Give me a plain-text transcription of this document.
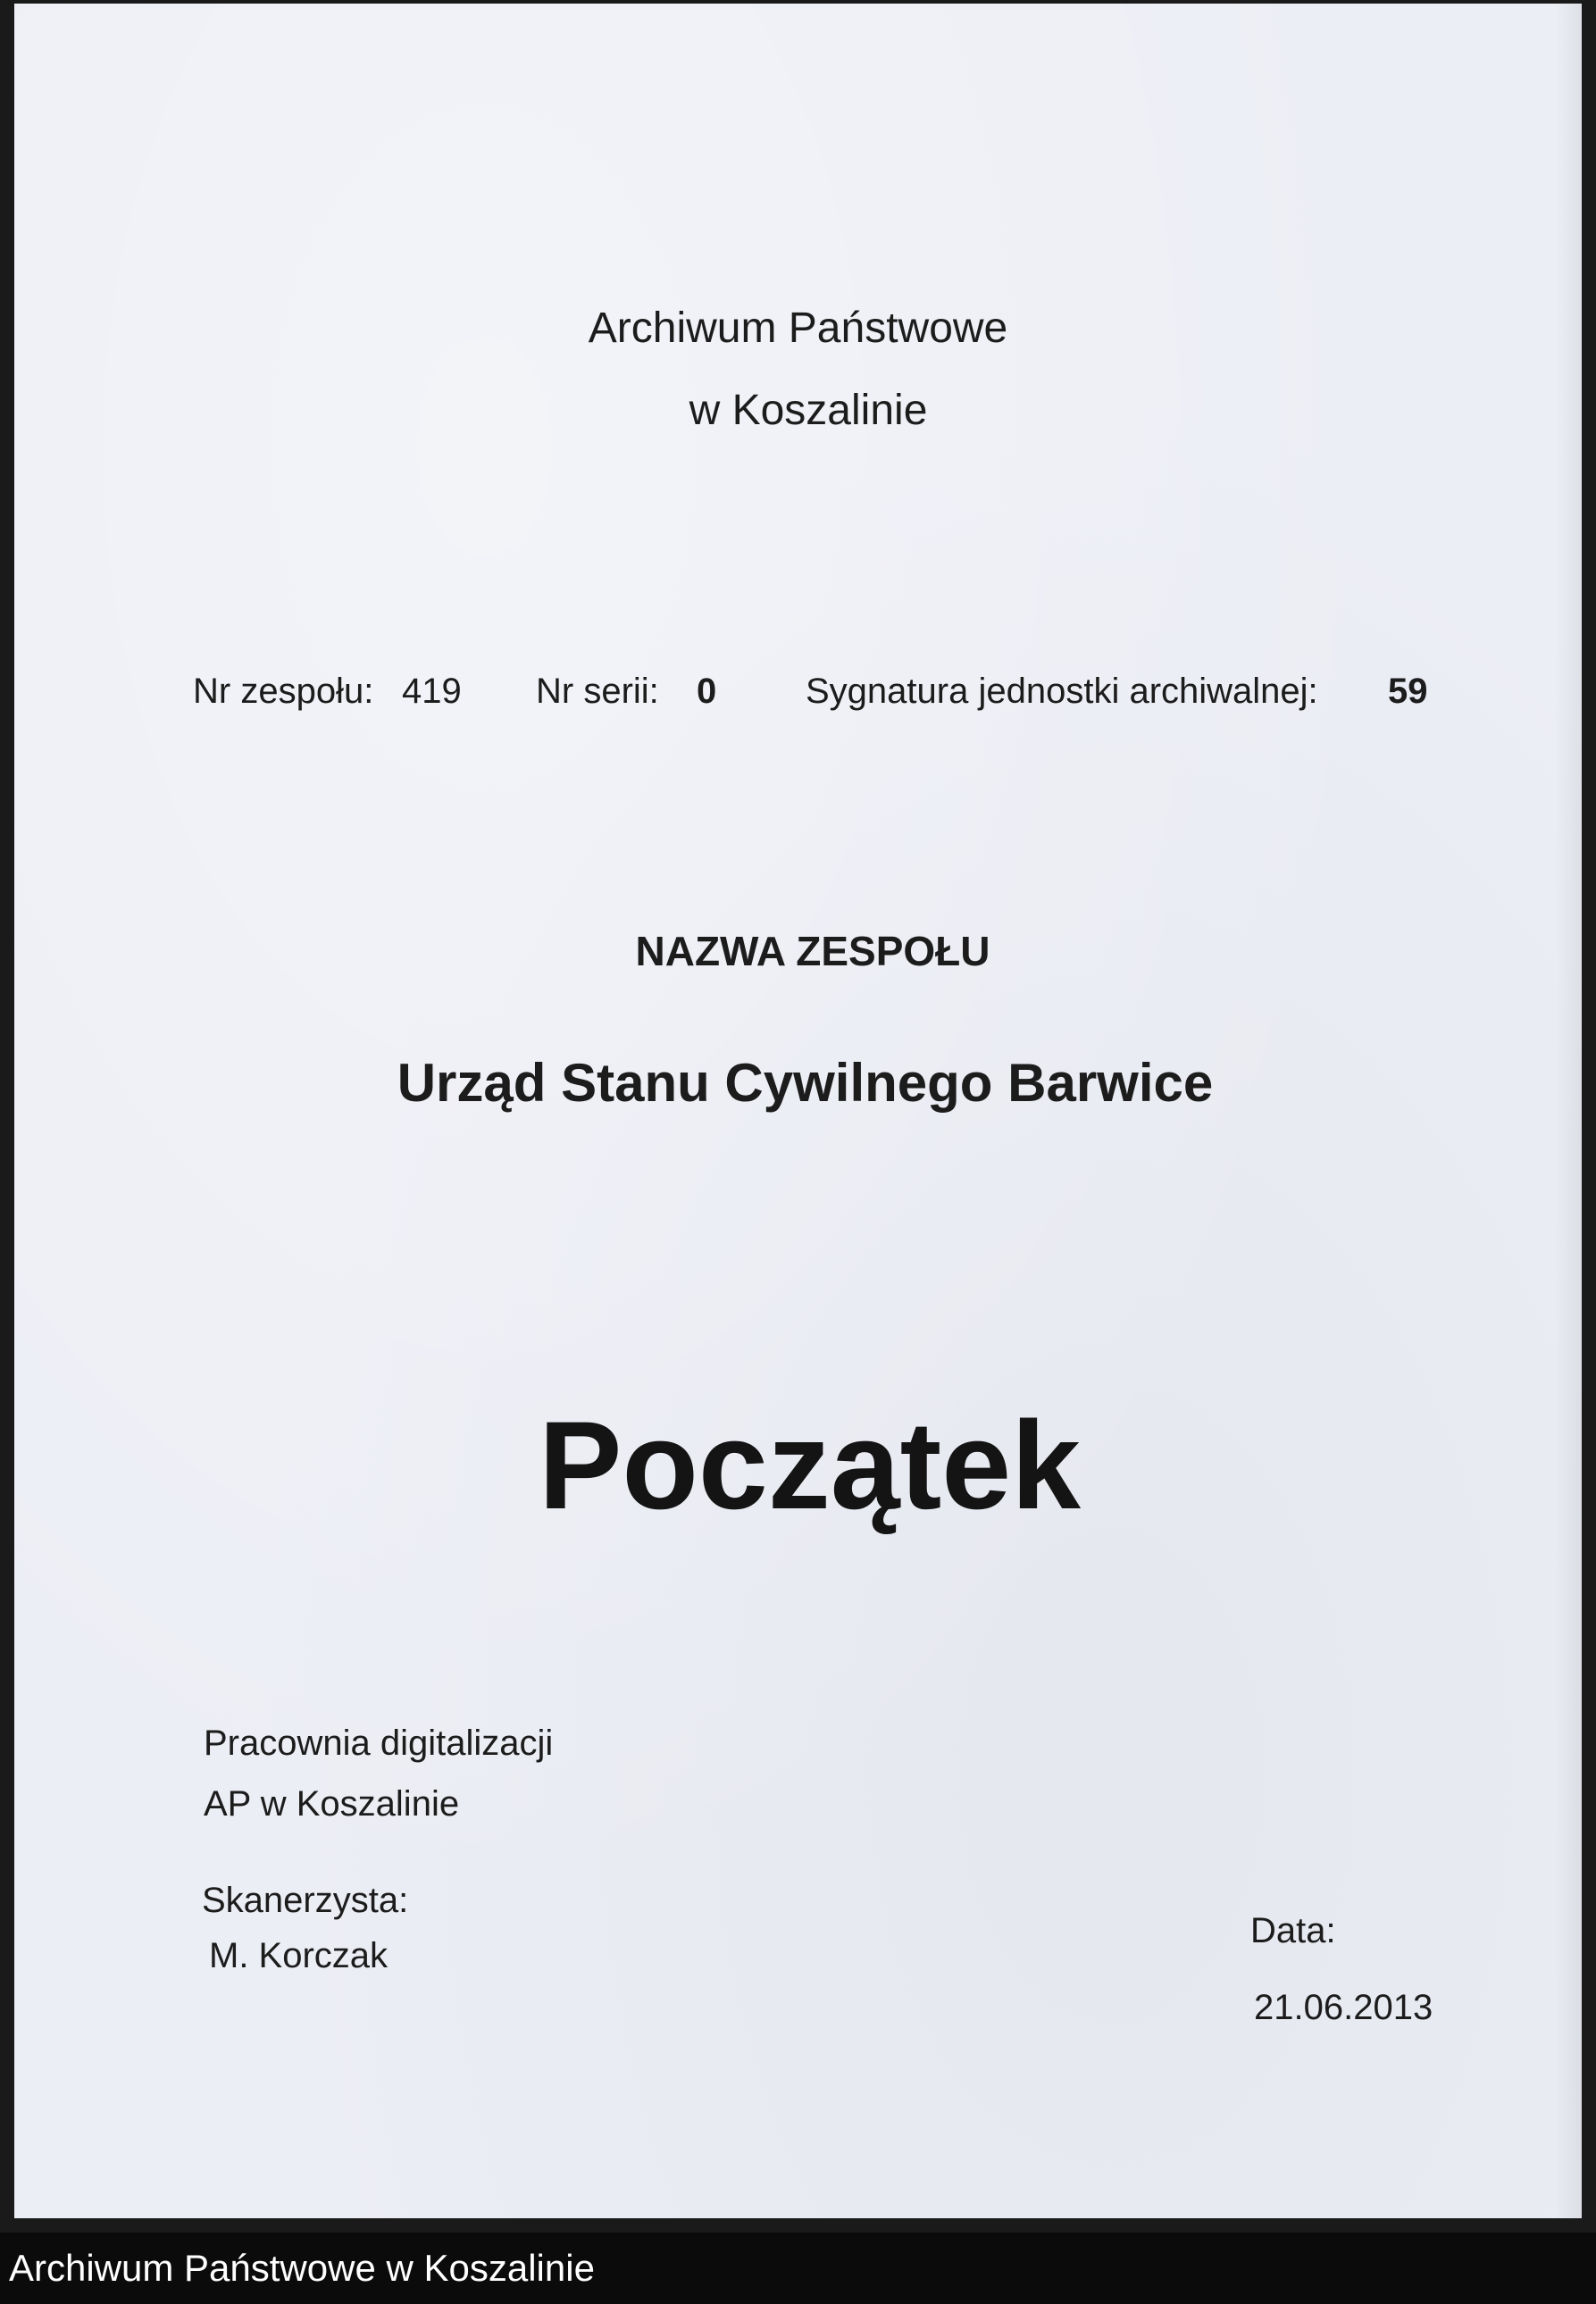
Archiwum Państwowe

w Koszalinie

Nr zespołu: 419 Nr serii: 0 Sygnatura jednostki archiwalnej: 59

NAZWA ZESPOŁU

Urząd Stanu Cywilnego Barwice

Początek

Pracownia digitalizacji
AP w Koszalinie
Skanerzysta:
M. Korczak
Data:
21.06.2013
Archiwum Państwowe w Koszalinie
